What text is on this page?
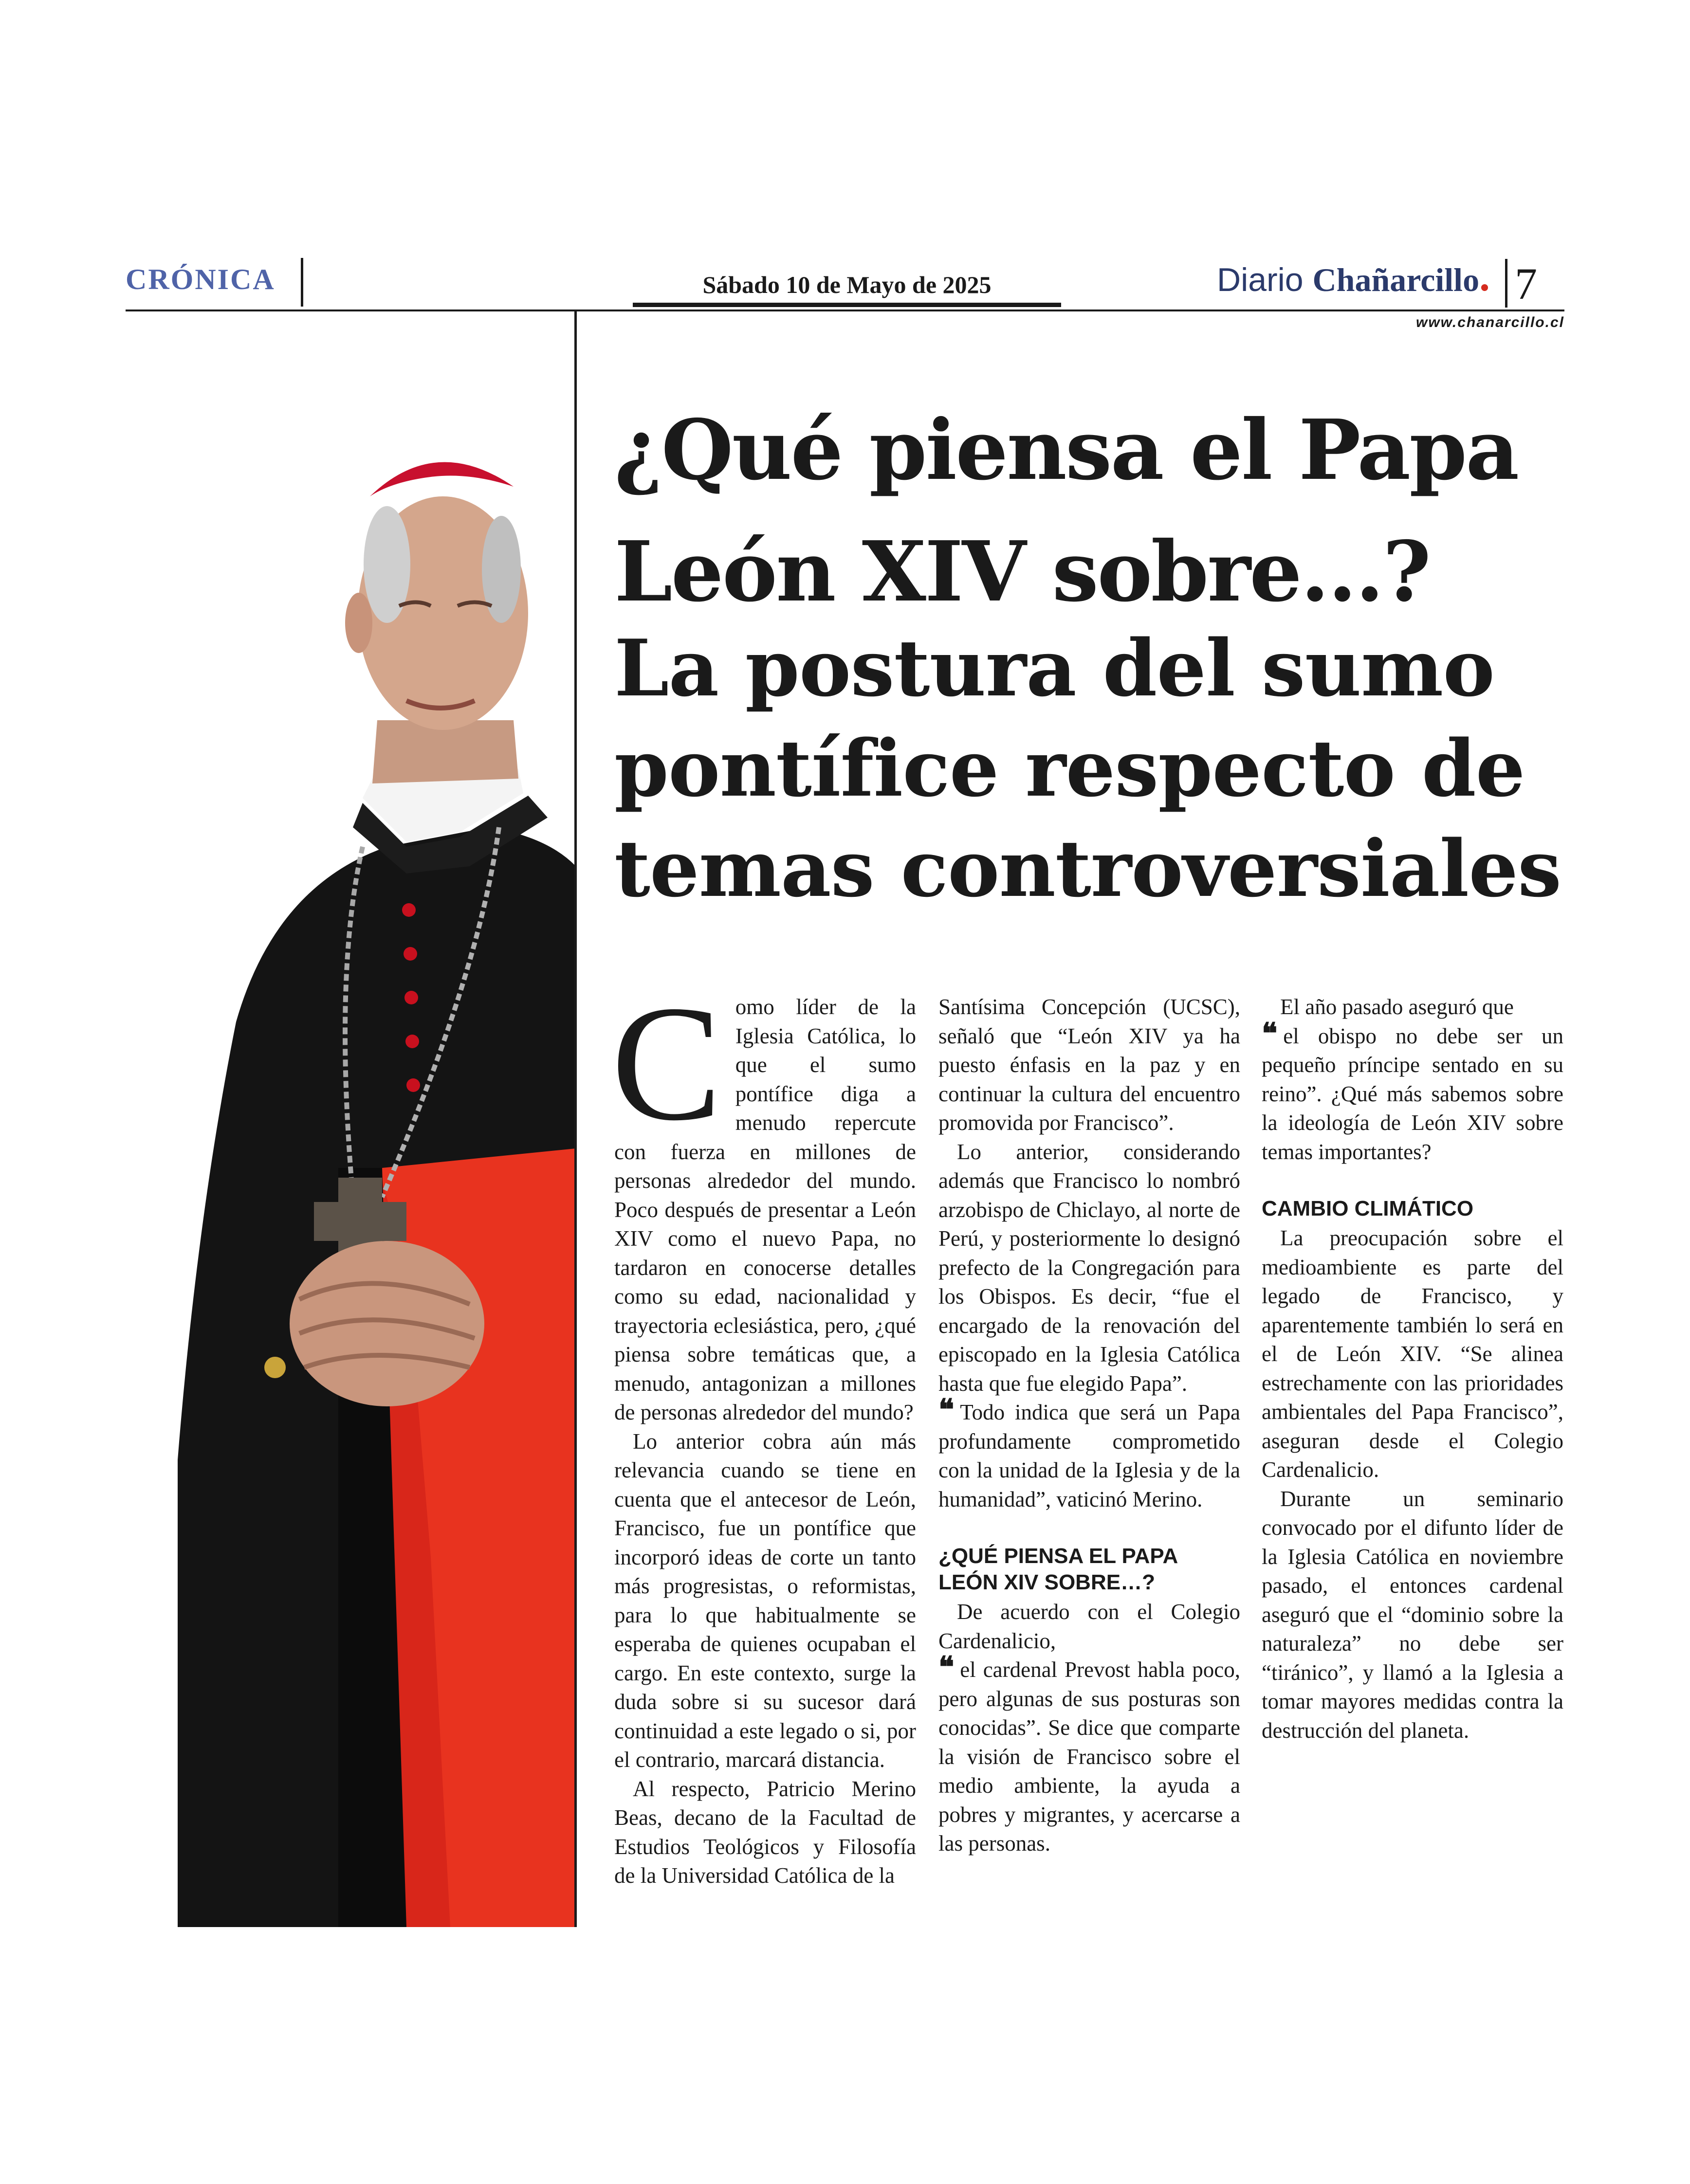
CRÓNICA	Sábado 10 de Mayo de 2025	Diario Chañarcillo 7
www.chanarcillo.cl
¿Qué piensa el Papa
León XIV sobre...?
La postura del sumo pontífice respecto de temas controversiales

Como líder de la Iglesia Católica, lo que el sumo pontífice diga a menudo repercute con fuerza en millones de personas alrededor del mundo. Poco después de presentar a León XIV como el nuevo Papa, no tardaron en conocerse detalles como su edad, nacionalidad y trayectoria eclesiástica, pero, ¿qué piensa sobre temáticas que, a menudo, antagonizan a millones de personas alrededor del mundo?

Lo anterior cobra aún más relevancia cuando se tiene en cuenta que el antecesor de León, Francisco, fue un pontífice que incorporó ideas de corte un tanto más progresistas, o reformistas, para lo que habitualmente se esperaba de quienes ocupaban el cargo. En este contexto, surge la duda sobre si su sucesor dará continuidad a este legado o si, por el contrario, marcará distancia.

Al respecto, Patricio Merino Beas, decano de la Facultad de Estudios Teológicos y Filosofía de la Universidad Católica de la

Santísima Concepción (UCSC), señaló que “León XIV ya ha puesto énfasis en la paz y en continuar la cultura del encuentro promovida por Francisco”.

Lo anterior, considerando además que Francisco lo nombró arzobispo de Chiclayo, al norte de Perú, y posteriormente lo designó prefecto de la Congregación para los Obispos. Es decir, “fue el encargado de la renovación del episcopado en la Iglesia Católica hasta que fue elegido Papa”.

❝ Todo indica que será un Papa profundamente comprometido con la unidad de la Iglesia y de la humanidad”, vaticinó Merino.

¿QUÉ PIENSA EL PAPA LEÓN XIV SOBRE…?

De acuerdo con el Colegio Cardenalicio,

❝ el cardenal Prevost habla poco, pero algunas de sus posturas son conocidas”. Se dice que comparte la visión de Francisco sobre el medio ambiente, la ayuda a pobres y migrantes, y acercarse a las personas.

El año pasado aseguró que

❝ el obispo no debe ser un pequeño príncipe sentado en su reino”. ¿Qué más sabemos sobre la ideología de León XIV sobre temas importantes?

CAMBIO CLIMÁTICO

La preocupación sobre el medioambiente es parte del legado de Francisco, y aparentemente también lo será en el de León XIV. “Se alinea estrechamente con las prioridades ambientales del Papa Francisco”, aseguran desde el Colegio Cardenalicio.

Durante un seminario convocado por el difunto líder de la Iglesia Católica en noviembre pasado, el entonces cardenal aseguró que el “dominio sobre la naturaleza” no debe ser “tiránico”, y llamó a la Iglesia a tomar mayores medidas contra la destrucción del planeta.
